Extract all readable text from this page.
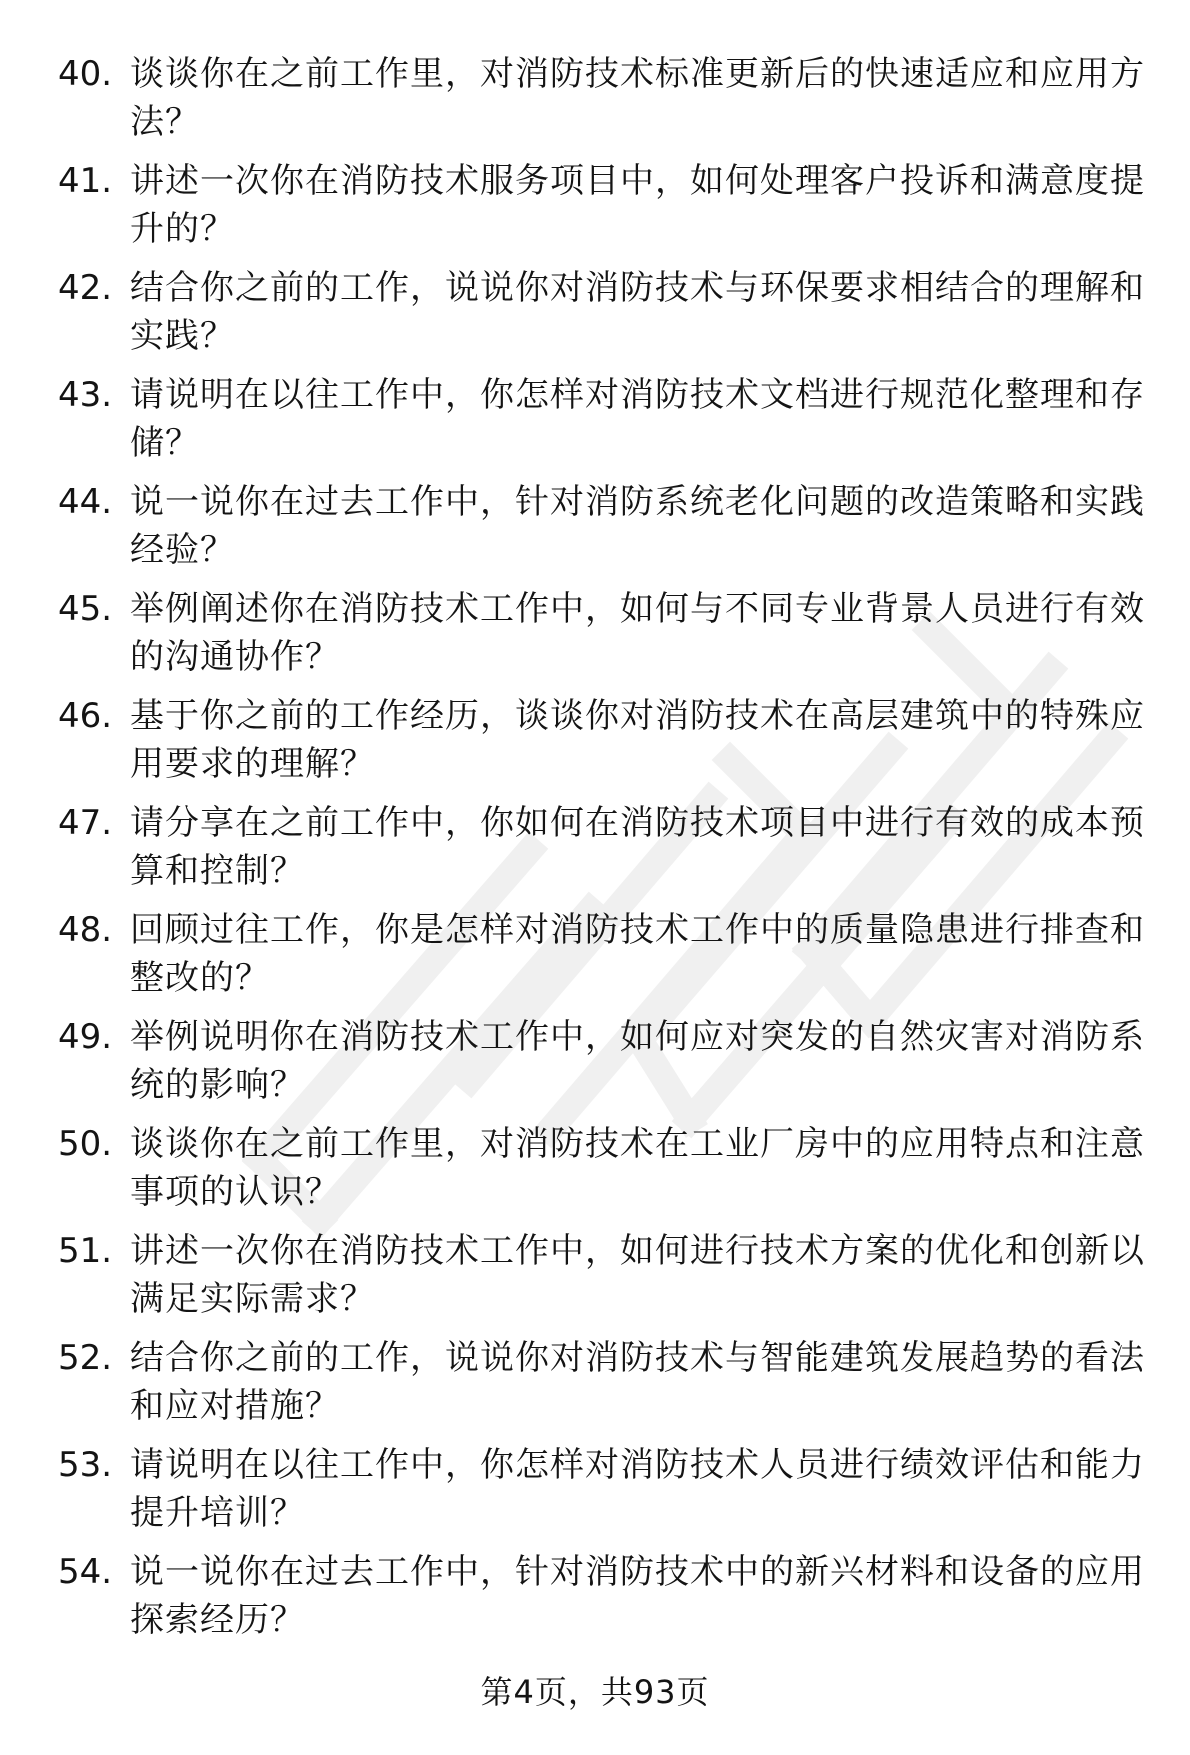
40. 谈谈你在之前工作里，对消防技术标准更新后的快速适应和应用方法？
41. 讲述一次你在消防技术服务项目中，如何处理客户投诉和满意度提升的？
42. 结合你之前的工作，说说你对消防技术与环保要求相结合的理解和实践？
43. 请说明在以往工作中，你怎样对消防技术文档进行规范化整理和存储？
44. 说一说你在过去工作中，针对消防系统老化问题的改造策略和实践经验？
45. 举例阐述你在消防技术工作中，如何与不同专业背景人员进行有效的沟通协作？
46. 基于你之前的工作经历，谈谈你对消防技术在高层建筑中的特殊应用要求的理解？
47. 请分享在之前工作中，你如何在消防技术项目中进行有效的成本预算和控制？
48. 回顾过往工作，你是怎样对消防技术工作中的质量隐患进行排查和整改的？
49. 举例说明你在消防技术工作中，如何应对突发的自然灾害对消防系统的影响？
50. 谈谈你在之前工作里，对消防技术在工业厂房中的应用特点和注意事项的认识？
51. 讲述一次你在消防技术工作中，如何进行技术方案的优化和创新以满足实际需求？
52. 结合你之前的工作，说说你对消防技术与智能建筑发展趋势的看法和应对措施？
53. 请说明在以往工作中，你怎样对消防技术人员进行绩效评估和能力提升培训？
54. 说一说你在过去工作中，针对消防技术中的新兴材料和设备的应用探索经历？
第4页，共93页
